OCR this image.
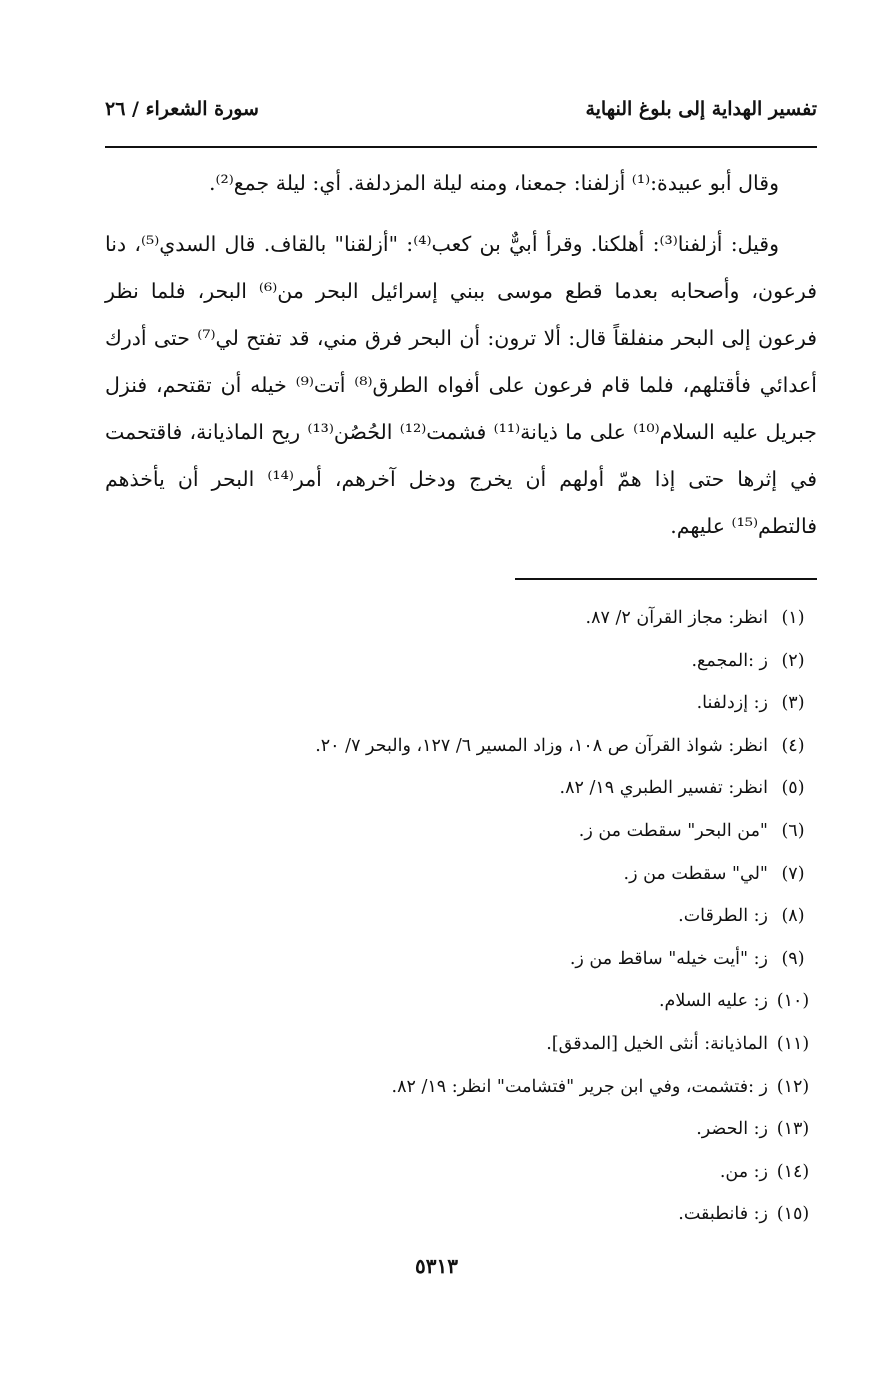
تفسير الهداية إلى بلوغ النهاية
سورة الشعراء / ٢٦

وقال أبو عبيدة:⁽¹⁾ أزلفنا: جمعنا، ومنه ليلة المزدلفة. أي: ليلة جمع⁽²⁾.

وقيل: أزلفنا⁽³⁾: أهلكنا. وقرأ أبيٌّ بن كعب⁽⁴⁾: "أزلقنا" بالقاف. قال السدي⁽⁵⁾، دنا فرعون، وأصحابه بعدما قطع موسى ببني إسرائيل البحر من⁽⁶⁾ البحر، فلما نظر فرعون إلى البحر منفلقاً قال: ألا ترون: أن البحر فرق مني، قد تفتح لي⁽⁷⁾ حتى أدرك أعدائي فأقتلهم، فلما قام فرعون على أفواه الطرق⁽⁸⁾ أتت⁽⁹⁾ خيله أن تقتحم، فنزل جبريل عليه السلام⁽¹⁰⁾ على ما ذيانة⁽¹¹⁾ فشمت⁽¹²⁾ الحُصُن⁽¹³⁾ ريح الماذيانة، فاقتحمت في إثرها حتى إذا همّ أولهم أن يخرج ودخل آخرهم، أمر⁽¹⁴⁾ البحر أن يأخذهم فالتطم⁽¹⁵⁾ عليهم.

(١)انظر: مجاز القرآن ٢/ ٨٧.
(٢)ز :المجمع.
(٣)ز: إزدلفنا.
(٤)انظر: شواذ القرآن ص ١٠٨، وزاد المسير ٦/ ١٢٧، والبحر ٧/ ٢٠.
(٥)انظر: تفسير الطبري ١٩/ ٨٢.
(٦)"من البحر" سقطت من ز.
(٧)"لي" سقطت من ز.
(٨)ز: الطرقات.
(٩)ز: "أيت خيله" ساقط من ز.
(١٠)ز: عليه السلام.
(١١)الماذيانة: أنثى الخيل [المدقق].
(١٢)ز :فتشمت، وفي ابن جرير "فتشامت" انظر: ١٩/ ٨٢.
(١٣)ز: الحضر.
(١٤)ز: من.
(١٥)ز: فانطبقت.
٥٣١٣
